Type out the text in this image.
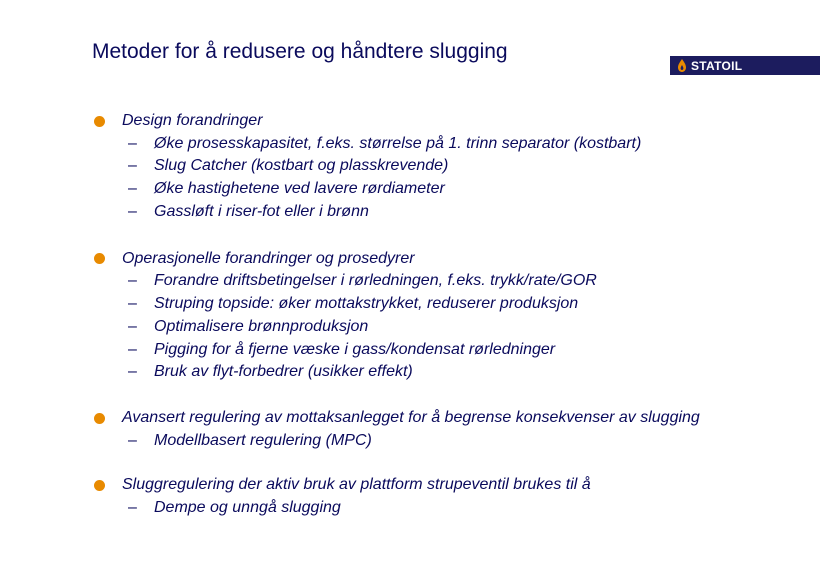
Metoder for å redusere og håndtere slugging
STATOIL
Design forandringer
–	Øke prosesskapasitet, f.eks. størrelse på 1. trinn separator (kostbart)
–	Slug Catcher (kostbart og plasskrevende)
–	Øke hastighetene ved lavere rørdiameter
–	Gassløft i riser-fot eller i brønn
Operasjonelle forandringer og prosedyrer
–	Forandre driftsbetingelser i rørledningen, f.eks. trykk/rate/GOR
–	Struping topside: øker mottakstrykket, reduserer produksjon
–	Optimalisere brønnproduksjon
–	Pigging for å fjerne væske i gass/kondensat rørledninger
–	Bruk av flyt-forbedrer (usikker effekt)
Avansert regulering av mottaksanlegget for å begrense konsekvenser av slugging
–	Modellbasert regulering (MPC)
Sluggregulering der aktiv bruk av plattform strupeventil brukes til å
–	Dempe og unngå slugging
